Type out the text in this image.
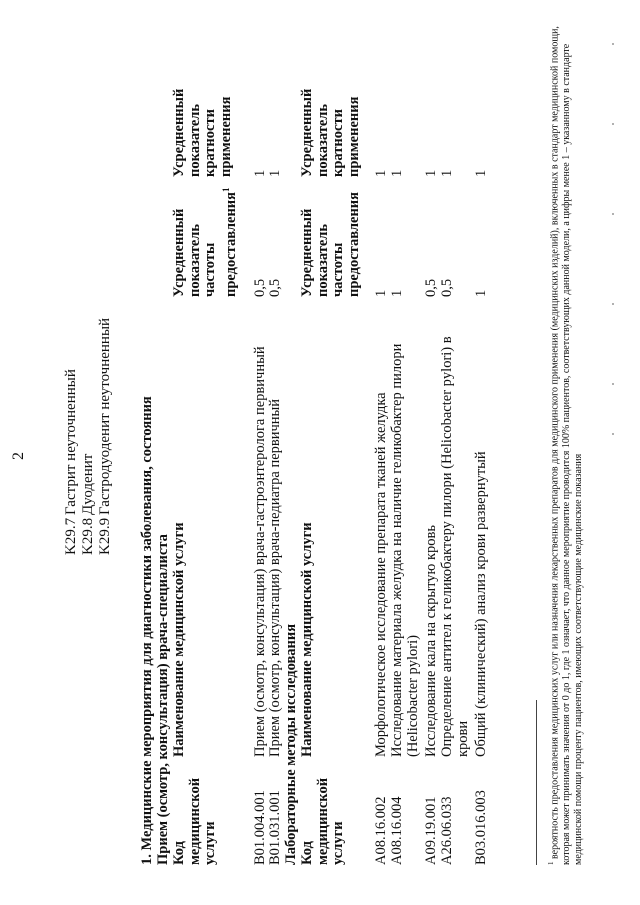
2
K29.7Гастрит неуточненный
K29.8Дуоденит
K29.9Гастродуоденит неуточненный 1. Медицинские мероприятия для диагностики заболевания, состояния Прием (осмотр, консультация) врача-специалиста Код медицинской услуги
Наименование медицинской услуги
Усредненный показатель частоты предоставления$^1$
Усредненный показатель кратности применения
B01.004.001
Прием (осмотр, консультация) врача-гастроэнтеролога первичный
0,5
1
B01.031.001
Прием (осмотр, консультация) врача-педиатра первичный
0,5
1
Лабораторные методы исследования Код медицинской услуги
Наименование медицинской услуги
Усредненный показатель частоты предоставления
Усредненный показатель кратности применения
A08.16.002
Морфологическое исследование препарата тканей желудка
1
1
A08.16.004
Исследование материала желудка на наличие геликобактер пилори (Helicobacter pylori)
1
1
A09.19.001
Исследование кала на скрытую кровь
0,5
1
A26.06.033
Определение антител к геликобактеру пилори (Helicobacter pylori) в крови
0,5
1
B03.016.003
Общий (клинический) анализ крови развернутый
1
1
$^1$ вероятность предоставления медицинских услуг или назначения лекарственных препаратов для медицинского применения (медицинских изделий), включенных в стандарт медицинской помощи, которая может принимать значения от 0 до 1, где 1 означает, что данное мероприятие проводится 100% пациентов, соответствующих данной модели, а цифры менее 1 – указанному в стандарте медицинской помощи проценту пациентов, имеющих соответствующие медицинские показания
